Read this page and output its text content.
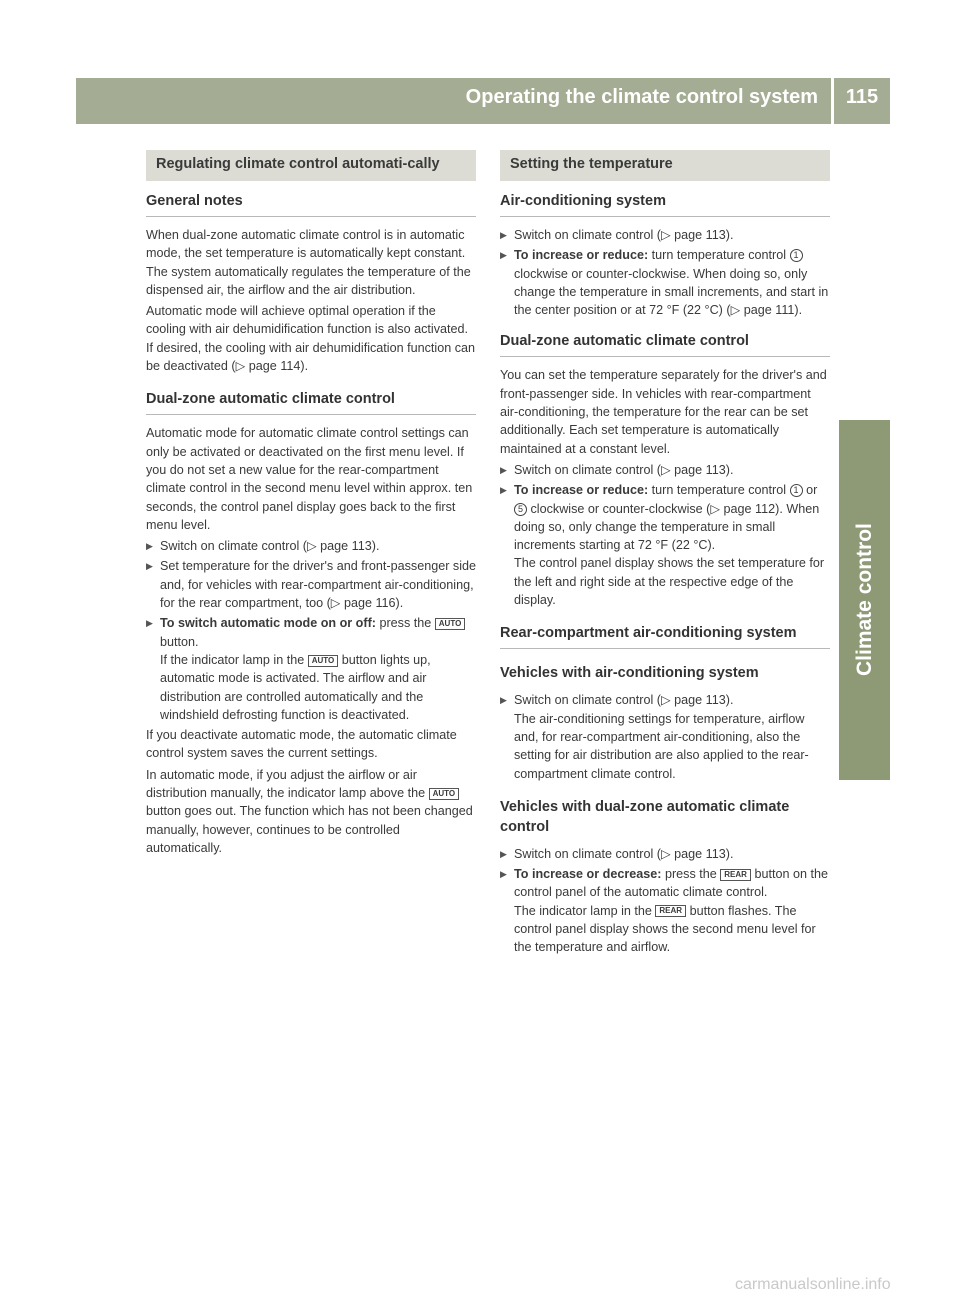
Operating the climate control system	115
Climate control
Regulating climate control automati-cally
General notes
When dual-zone automatic climate control is in automatic mode, the set temperature is automatically kept constant. The system automatically regulates the temperature of the dispensed air, the airflow and the air distribution.
Automatic mode will achieve optimal operation if the cooling with air dehumidification function is also activated. If desired, the cooling with air dehumidification function can be deactivated (▷ page 114).
Dual-zone automatic climate control
Automatic mode for automatic climate control settings can only be activated or deactivated on the first menu level. If you do not set a new value for the rear-compartment climate control in the second menu level within approx. ten seconds, the control panel display goes back to the first menu level.
▶ Switch on climate control (▷ page 113).
▶ Set temperature for the driver's and front-passenger side and, for vehicles with rear-compartment air-conditioning, for the rear compartment, too (▷ page 116).
▶ To switch automatic mode on or off: press the AUTO button.
If the indicator lamp in the AUTO button lights up, automatic mode is activated. The airflow and air distribution are controlled automatically and the windshield defrosting function is deactivated.
If you deactivate automatic mode, the automatic climate control system saves the current settings.
In automatic mode, if you adjust the airflow or air distribution manually, the indicator lamp above the AUTO button goes out. The function which has not been changed manually, however, continues to be controlled automatically.
Setting the temperature
Air-conditioning system
▶ Switch on climate control (▷ page 113).
▶ To increase or reduce: turn temperature control 1 clockwise or counter-clockwise. When doing so, only change the temperature in small increments, and start in the center position or at 72 °F (22 °C) (▷ page 111).
Dual-zone automatic climate control
You can set the temperature separately for the driver's and front-passenger side. In vehicles with rear-compartment air-conditioning, the temperature for the rear can be set additionally. Each set temperature is automatically maintained at a constant level.
▶ Switch on climate control (▷ page 113).
▶ To increase or reduce: turn temperature control 1 or 5 clockwise or counter-clockwise (▷ page 112). When doing so, only change the temperature in small increments starting at 72 °F (22 °C).
The control panel display shows the set temperature for the left and right side at the respective edge of the display.
Rear-compartment air-conditioning system
Vehicles with air-conditioning system
▶ Switch on climate control (▷ page 113).
The air-conditioning settings for temperature, airflow and, for rear-compartment air-conditioning, also the setting for air distribution are also applied to the rear-compartment climate control.
Vehicles with dual-zone automatic climate control
▶ Switch on climate control (▷ page 113).
▶ To increase or decrease: press the REAR button on the control panel of the automatic climate control.
The indicator lamp in the REAR button flashes. The control panel display shows the second menu level for the temperature and airflow.
carmanualsonline.info
